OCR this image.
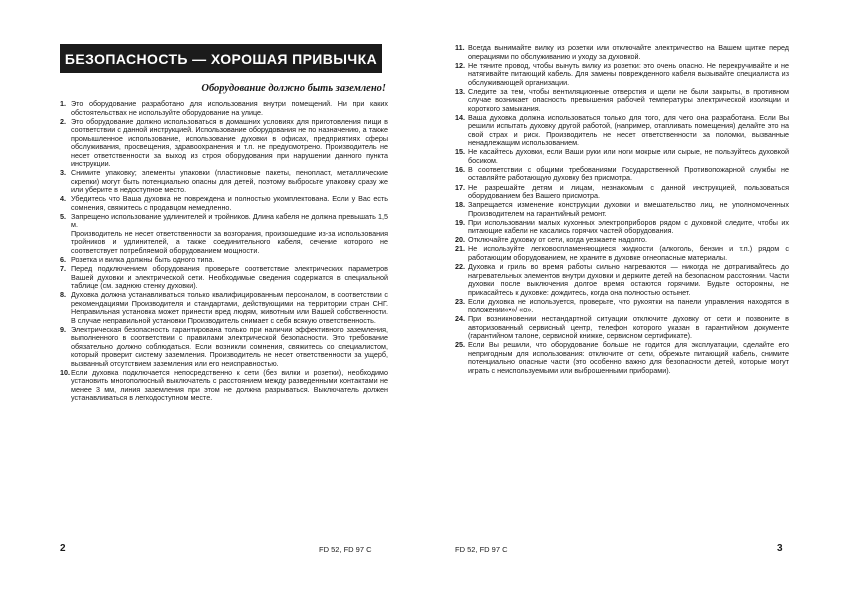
БЕЗОПАСНОСТЬ — ХОРОШАЯ ПРИВЫЧКА
Оборудование должно быть заземлено!
1. Это оборудование разработано для использования внутри помещений. Ни при каких обстоятельствах не используйте оборудование на улице.
2. Это оборудование должно использоваться в домашних условиях для приготовления пищи в соответствии с данной инструкцией. Использование оборудования не по назначению, а также промышленное использование, использование духовки в офисах, предприятиях сферы обслуживания, просвещения, здравоохранения и т.п. не предусмотрено. Производитель не несет ответственности за выход из строя оборудования при нарушении данного пункта инструкции.
3. Снимите упаковку; элементы упаковки (пластиковые пакеты, пенопласт, металлические скрепки) могут быть потенциально опасны для детей, поэтому выбросьте упаковку сразу же или уберите в недоступное место.
4. Убедитесь что Ваша духовка не повреждена и полностью укомплектована. Если у Вас есть сомнения, свяжитесь с продавцом немедленно.
5. Запрещено использование удлинителей и тройников. Длина кабеля не должна превышать 1,5 м.
Производитель не несет ответственности за возгорания, произошедшие из-за использования тройников и удлинителей, а также соединительного кабеля, сечение которого не соответствует потребляемой оборудованием мощности.
6. Розетка и вилка должны быть одного типа.
7. Перед подключением оборудования проверьте соответствие электрических параметров Вашей духовки и электрической сети. Необходимые сведения содержатся в специальной таблице (см. заднюю стенку духовки).
8. Духовка должна устанавливаться только квалифицированным персоналом, в соответствии с рекомендациями Производителя и стандартами, действующими на территории стран СНГ. Неправильная установка может принести вред людям, животным или Вашей собственности. В случае неправильной установки Производитель снимает с себя всякую ответственность.
9. Электрическая безопасность гарантирована только при наличии эффективного заземления, выполненного в соответствии с правилами электрической безопасности. Это требование обязательно должно соблюдаться. Если возникли сомнения, свяжитесь со специалистом, который проверит систему заземления. Производитель не несет ответственности за ущерб, вызванный отсутствием заземления или его неисправностью.
10. Если духовка подключается непосредственно к сети (без вилки и розетки), необходимо установить многополюсный выключатель с расстоянием между разведенными контактами не менее 3 мм, линия заземления при этом не должна разрываться. Выключатель должен устанавливаться в легкодоступном месте.
2	FD 52, FD 97 C
11. Всегда вынимайте вилку из розетки или отключайте электричество на Вашем щитке перед операциями по обслуживанию и уходу за духовкой.
12. Не тяните провод, чтобы вынуть вилку из розетки: это очень опасно. Не перекручивайте и не натягивайте питающий кабель. Для замены поврежденного кабеля вызывайте специалиста из обслуживающей организации.
13. Следите за тем, чтобы вентиляционные отверстия и щели не были закрыты, в противном случае возникает опасность превышения рабочей температуры электрической изоляции и короткого замыкания.
14. Ваша духовка должна использоваться только для того, для чего она разработана. Если Вы решили испытать духовку другой работой, (например, отапливать помещения) делайте это на свой страх и риск. Производитель не несет ответственности за поломки, вызванные ненадлежащим использованием.
15. Не касайтесь духовки, если Ваши руки или ноги мокрые или сырые, не пользуйтесь духовкой босиком.
16. В соответствии с общими требованиями Государственной Противопожарной службы не оставляйте работающую духовку без присмотра.
17. Не разрешайте детям и лицам, незнакомым с данной инструкцией, пользоваться оборудованием без Вашего присмотра.
18. Запрещается изменение конструкции духовки и вмешательство лиц, не уполномоченных Производителем на гарантийный ремонт.
19. При использовании малых кухонных электроприборов рядом с духовкой следите, чтобы их питающие кабели не касались горячих частей оборудования.
20. Отключайте духовку от сети, когда уезжаете надолго.
21. Не используйте легковоспламеняющиеся жидкости (алкоголь, бензин и т.п.) рядом с работающим оборудованием, не храните в духовке огнеопасные материалы.
22. Духовка и гриль во время работы сильно нагреваются — никогда не дотрагивайтесь до нагревательных элементов внутри духовки и держите детей на безопасном расстоянии. Части духовки после выключения долгое время остаются горячими. Будьте осторожны, не прикасайтесь к духовке: дождитесь, когда она полностью остынет.
23. Если духовка не используется, проверьте, что рукоятки на панели управления находятся в положении«•»/ «о».
24. При возникновении нестандартной ситуации отключите духовку от сети и позвоните в авторизованный сервисный центр, телефон которого указан в гарантийном документе (гарантийном талоне, сервисной книжке, сервисном сертификате).
25. Если Вы решили, что оборудование больше не годится для эксплуатации, сделайте его непригодным для использования: отключите от сети, обрежьте питающий кабель, снимите потенциально опасные части (это особенно важно для безопасности детей, которые могут играть с неиспользуемыми или выброшенными приборами).
FD 52, FD 97 C	3
